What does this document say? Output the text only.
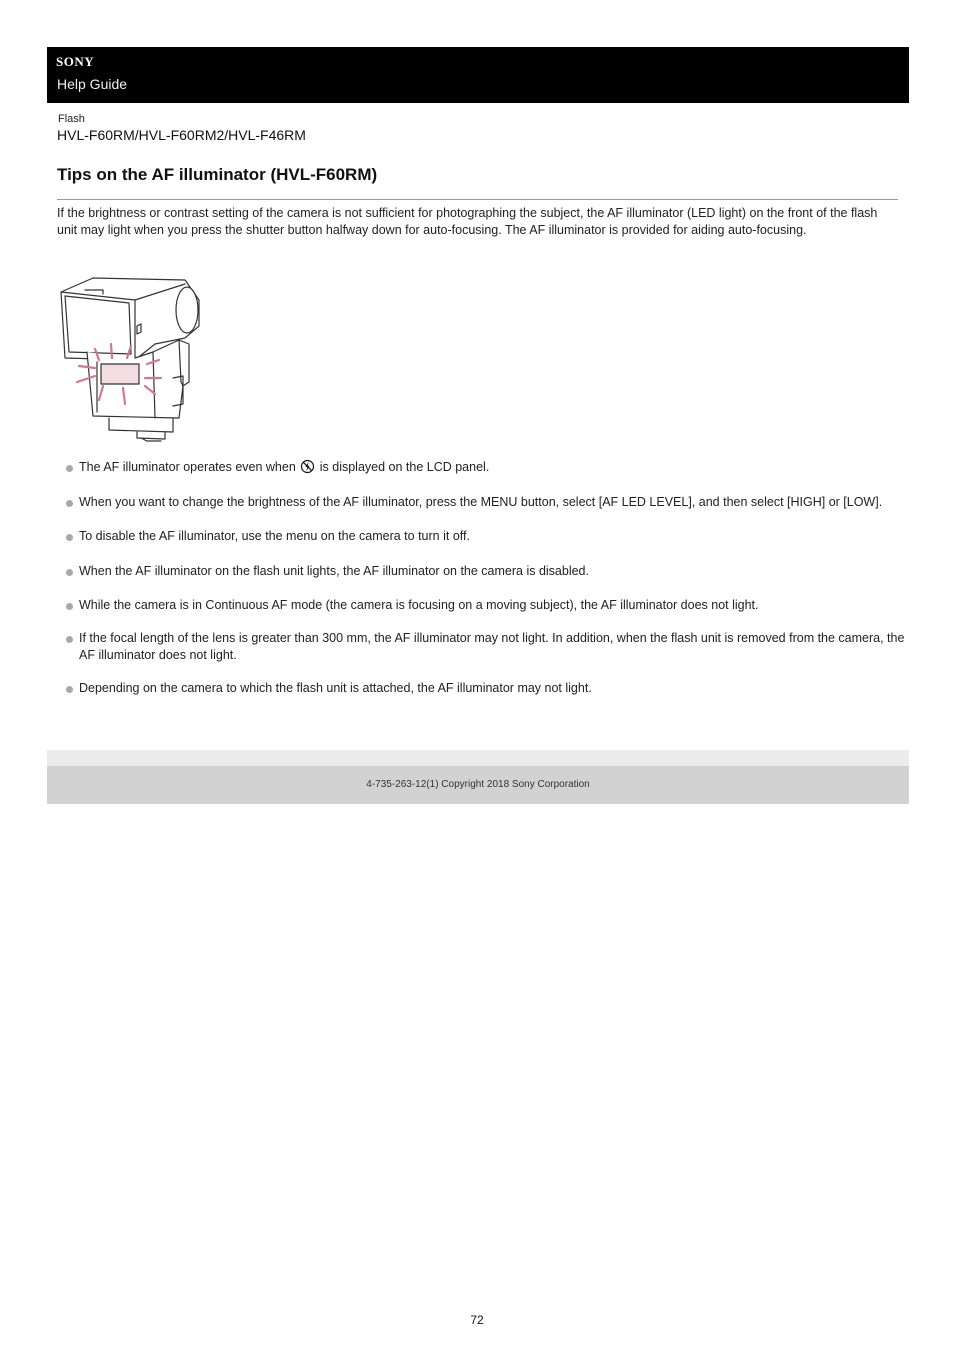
SONY
Help Guide
Flash
HVL-F60RM/HVL-F60RM2/HVL-F46RM
Tips on the AF illuminator (HVL-F60RM)

If the brightness or contrast setting of the camera is not sufficient for photographing the subject, the AF illuminator (LED light) on the front of the flash unit may light when you press the shutter button halfway down for auto-focusing. The AF illuminator is provided for aiding auto-focusing.

The AF illuminator operates even when  is displayed on the LCD panel.
When you want to change the brightness of the AF illuminator, press the MENU button, select [AF LED LEVEL], and then select [HIGH] or [LOW].
To disable the AF illuminator, use the menu on the camera to turn it off.
When the AF illuminator on the flash unit lights, the AF illuminator on the camera is disabled.
While the camera is in Continuous AF mode (the camera is focusing on a moving subject), the AF illuminator does not light.
If the focal length of the lens is greater than 300 mm, the AF illuminator may not light. In addition, when the flash unit is removed from the camera, the AF illuminator does not light.
Depending on the camera to which the flash unit is attached, the AF illuminator may not light.
4-735-263-12(1) Copyright 2018 Sony Corporation
72
